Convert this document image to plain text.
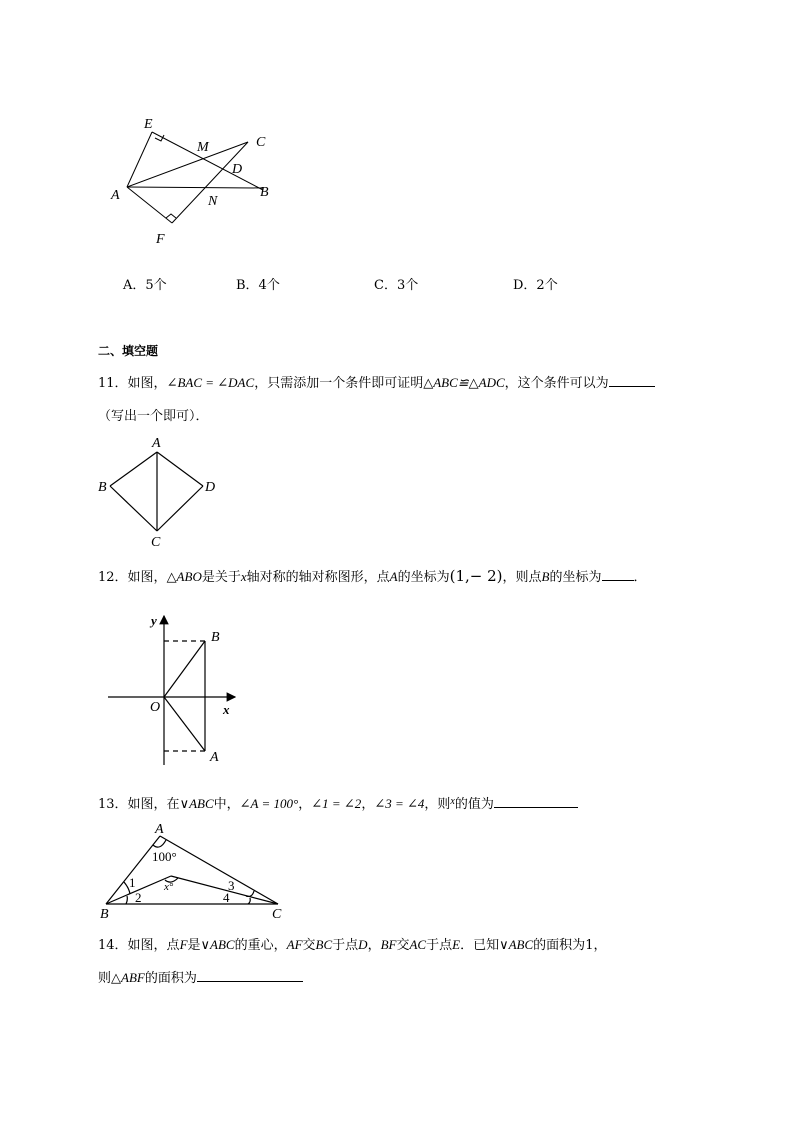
E
M	C
D
A	B
N
F
A．5个	B．4个	C．3个	D．2个
二、填空题
11．如图，∠BAC = ∠DAC，只需添加一个条件即可证明△ABC≌△ADC，这个条件可以为
（写出一个即可）．
A
B	D
C
12．如图，△ABO是关于x轴对称的轴对称图形，点A的坐标为(1,− 2)，则点B的坐标为 ．
y
x
O
B
A
13．如图，在∨ABC中，∠A = 100°，∠1 = ∠2，∠3 = ∠4，则$^x$的值为
A
100°
x°
1
2
3
4
B	C
14．如图，点F是∨ABC的重心，AF交BC于点D，BF交AC于点E．已知∨ABC的面积为1，
则△ABF的面积为
